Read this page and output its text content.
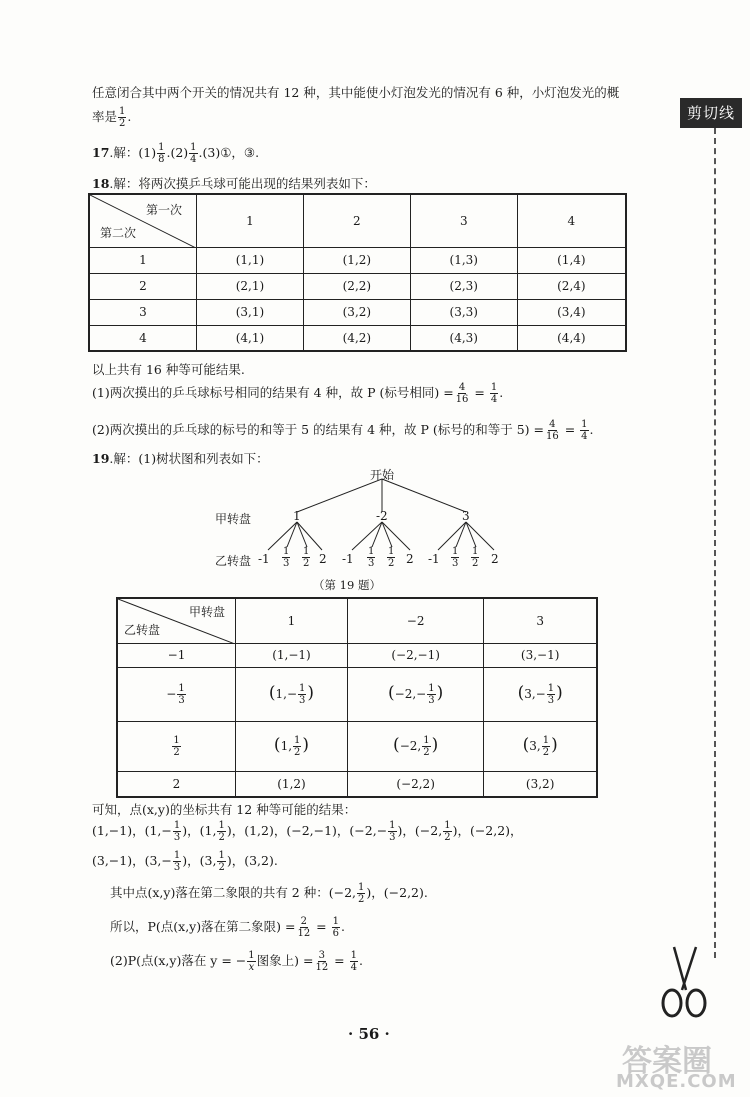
剪切线
任意闭合其中两个开关的情况共有 12 种，其中能使小灯泡发光的情况有 6 种，小灯泡发光的概
率是 $\frac{1}{2}$ .
17.解：$(1) \frac{1}{8} .(2) \frac{1}{4}$ .(3)①，③.
18.解：将两次摸乒乓球可能出现的结果列表如下：
第一次
第二次	1	2	3	4
1	(1,1)	(1,2)	(1,3)	(1,4)
2	(2,1)	(2,2)	(2,3)	(2,4)
3	(3,1)	(3,2)	(3,3)	(3,4)
4	(4,1)	(4,2)	(4,3)	(4,4)
以上共有 16 种等可能结果.
(1)两次摸出的乒乓球标号相同的结果有 4 种，故 P (标号相同) = $\frac{4}{16} = \frac{1}{4}$ .
(2)两次摸出的乒乓球的标号的和等于 5 的结果有 4 种，故 P (标号的和等于 $5) = \frac{4}{16} = \frac{1}{4}$ .
19.解：(1)树状图和列表如下：
开始
甲转盘	1	-2	3
乙转盘 $-1 \frac{1}{3} \frac{1}{2} 2$ $-1 \frac{1}{3} \frac{1}{2} 2$ $-1 \frac{1}{3} \frac{1}{2} 2$
（第 19 题）
甲转盘
乙转盘	1	−2	3
−1	(1,−1)	(−2,−1)	(3,−1)
− $\frac{1}{3}$	($1,- \frac{1}{3}$ )	($-2,- \frac{1}{3}$ )	($3,- \frac{1}{3}$ )

$\frac{1}{2}$	(1, $\frac{1}{2}$ )	(−2, $\frac{1}{2}$ )	(3, $\frac{1}{2}$ )
2	(1,2)	(−2,2)	(3,2)
可知，点(x,y)的坐标共有 12 种等可能的结果：
(1,−1)，($1,- \frac{1}{3}$ )，(1, $\frac{1}{2}$ )，(1,2)，(−2,−1)，($-2,- \frac{1}{3}$ )，(−2, $\frac{1}{2}$ )，(−2,2)，
(3,−1)，($3,- \frac{1}{3}$ )，(3, $\frac{1}{2}$ )，(3,2).
其中点(x,y)落在第二象限的共有 2 种：(−2, $\frac{1}{2}$ )，(−2,2).
所以，P(点(x,y)落在第二象限) = $\frac{2}{12} = \frac{1}{6}$ .
(2)P(点(x,y)落在 y = − $\frac{1}{x}$ 图象上) = $\frac{3}{12} = \frac{1}{4}$ .
· 56 ·
答案圈
MXQE.COM
